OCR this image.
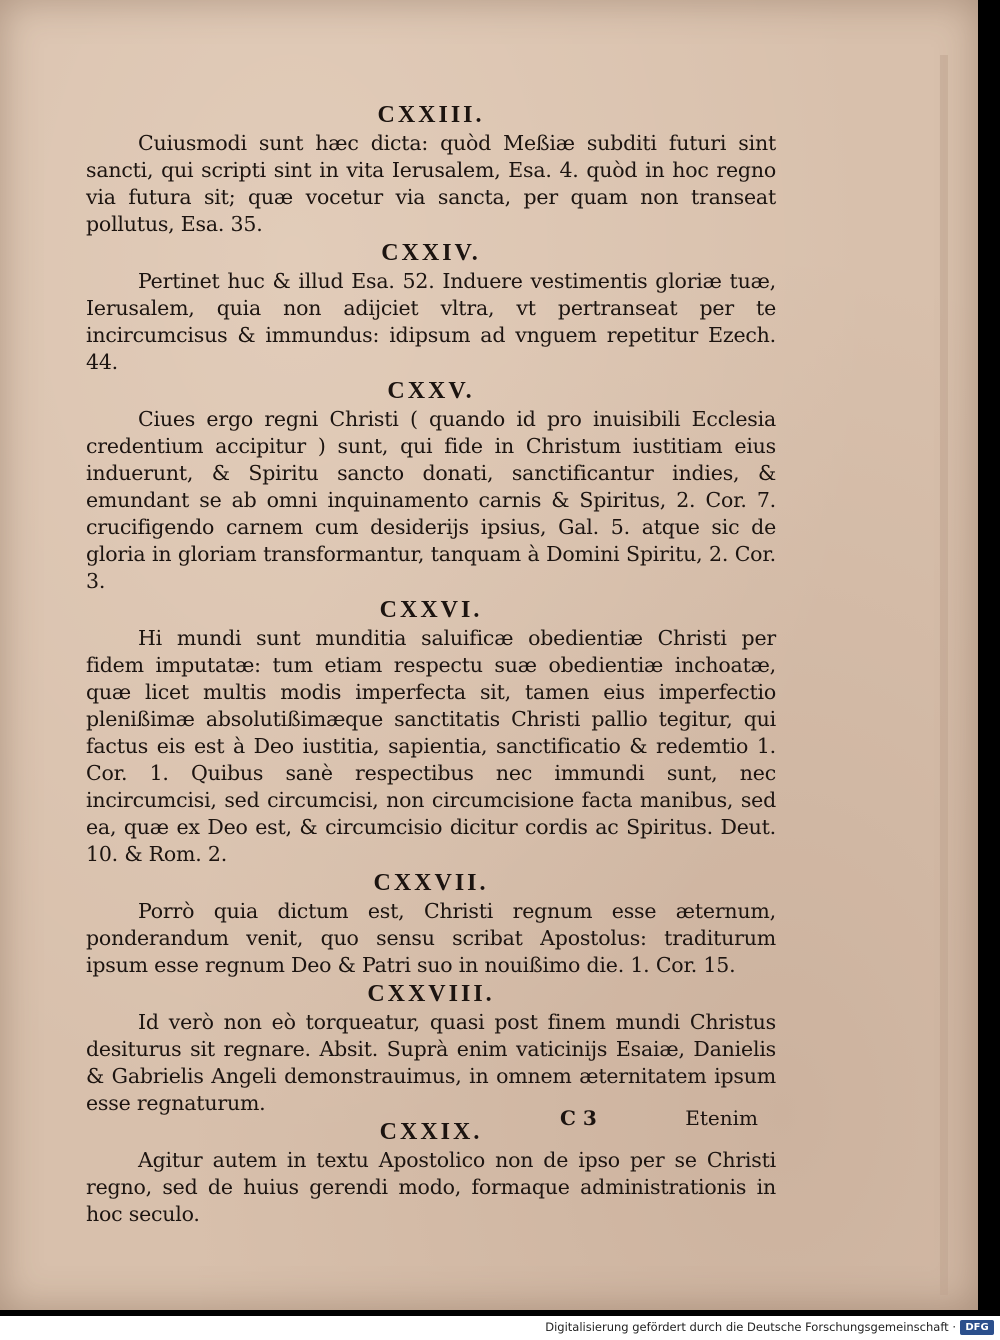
CXXIII.
Cuiusmodi sunt hæc dicta: quòd Meßiæ subditi futuri sint sancti, qui scripti sint in vita Ierusalem, Esa. 4. quòd in hoc regno via futura sit; quæ vocetur via sancta, per quam non transeat pollutus, Esa. 35.
CXXIV.
Pertinet huc & illud Esa. 52. Induere vestimentis gloriæ tuæ, Ierusalem, quia non adijciet vltra, vt pertranseat per te incircumcisus & immundus: idipsum ad vnguem repetitur Ezech. 44.
CXXV.
Ciues ergo regni Christi ( quando id pro inuisibili Ecclesia credentium accipitur ) sunt, qui fide in Christum iustitiam eius induerunt, & Spiritu sancto donati, sanctificantur indies, & emundant se ab omni inquinamento carnis & Spiritus, 2. Cor. 7. crucifigendo carnem cum desiderijs ipsius, Gal. 5. atque sic de gloria in gloriam transformantur, tanquam à Domini Spiritu, 2. Cor. 3.
CXXVI.
Hi mundi sunt munditia saluificæ obedientiæ Christi per fidem imputatæ: tum etiam respectu suæ obedientiæ inchoatæ, quæ licet multis modis imperfecta sit, tamen eius imperfectio plenißimæ absolutißimæque sanctitatis Christi pallio tegitur, qui factus eis est à Deo iustitia, sapientia, sanctificatio & redemtio 1. Cor. 1. Quibus sanè respectibus nec immundi sunt, nec incircumcisi, sed circumcisi, non circumcisione facta manibus, sed ea, quæ ex Deo est, & circumcisio dicitur cordis ac Spiritus. Deut. 10. & Rom. 2.
CXXVII.
Porrò quia dictum est, Christi regnum esse æternum, ponderandum venit, quo sensu scribat Apostolus: traditurum ipsum esse regnum Deo & Patri suo in nouißimo die. 1. Cor. 15.
CXXVIII.
Id verò non eò torqueatur, quasi post finem mundi Christus desiturus sit regnare. Absit. Suprà enim vaticinijs Esaiæ, Danielis & Gabrielis Angeli demonstrauimus, in omnem æternitatem ipsum esse regnaturum.
CXXIX.
Agitur autem in textu Apostolico non de ipso per se Christi regno, sed de huius gerendi modo, formaque administrationis in hoc seculo.
C 3	Etenim
Digitalisierung gefördert durch die Deutsche Forschungsgemeinschaft · DFG
